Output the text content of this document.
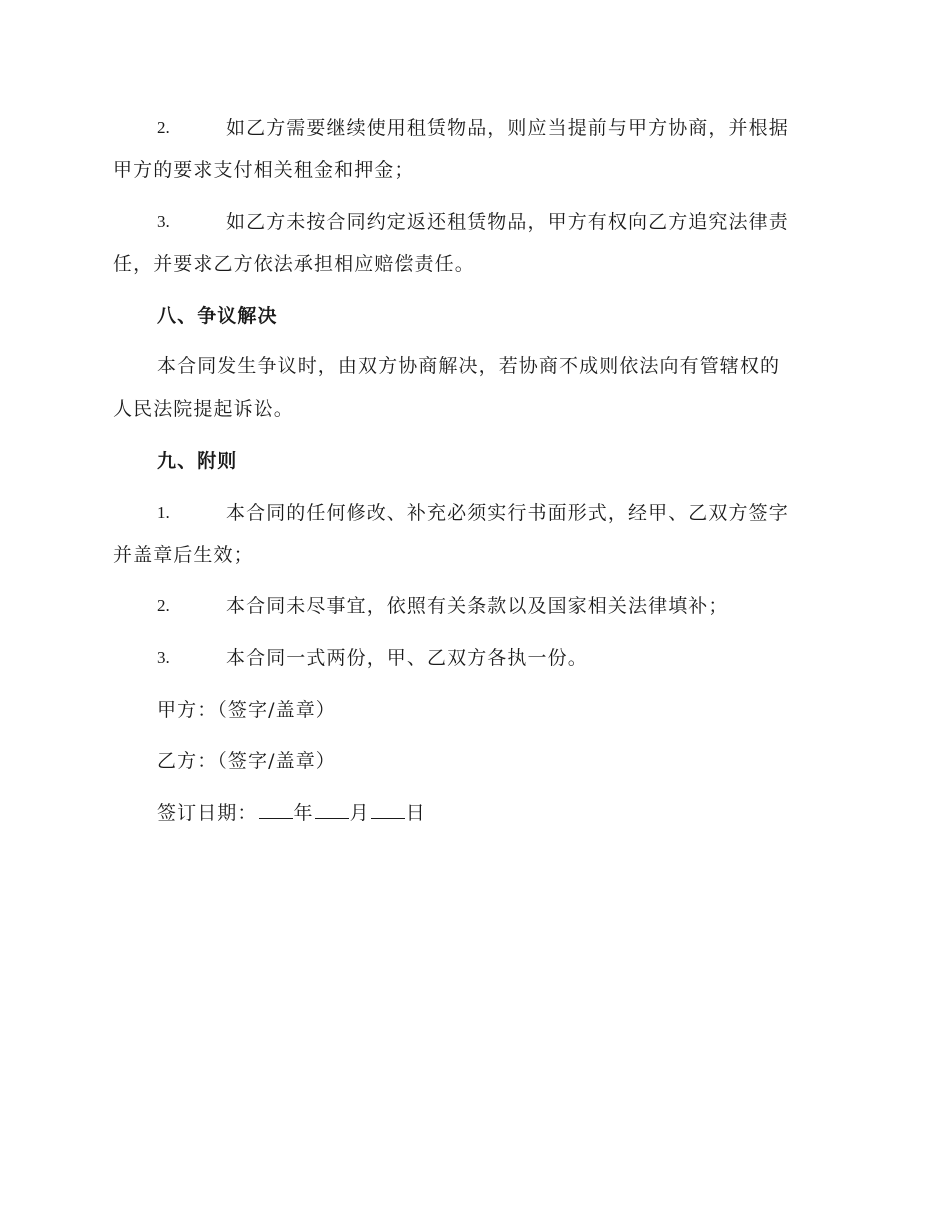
2.	如乙方需要继续使用租赁物品，则应当提前与甲方协商，并根据
甲方的要求支付相关租金和押金；
3.	如乙方未按合同约定返还租赁物品，甲方有权向乙方追究法律责
任，并要求乙方依法承担相应赔偿责任。
八、争议解决
本合同发生争议时，由双方协商解决，若协商不成则依法向有管辖权的
人民法院提起诉讼。
九、附则
1.	本合同的任何修改、补充必须实行书面形式，经甲、乙双方签字
并盖章后生效；
2.	本合同未尽事宜，依照有关条款以及国家相关法律填补；
3.	本合同一式两份，甲、乙双方各执一份。
甲方：（签字/盖章）
乙方：（签字/盖章）
签订日期： 年 月 日
